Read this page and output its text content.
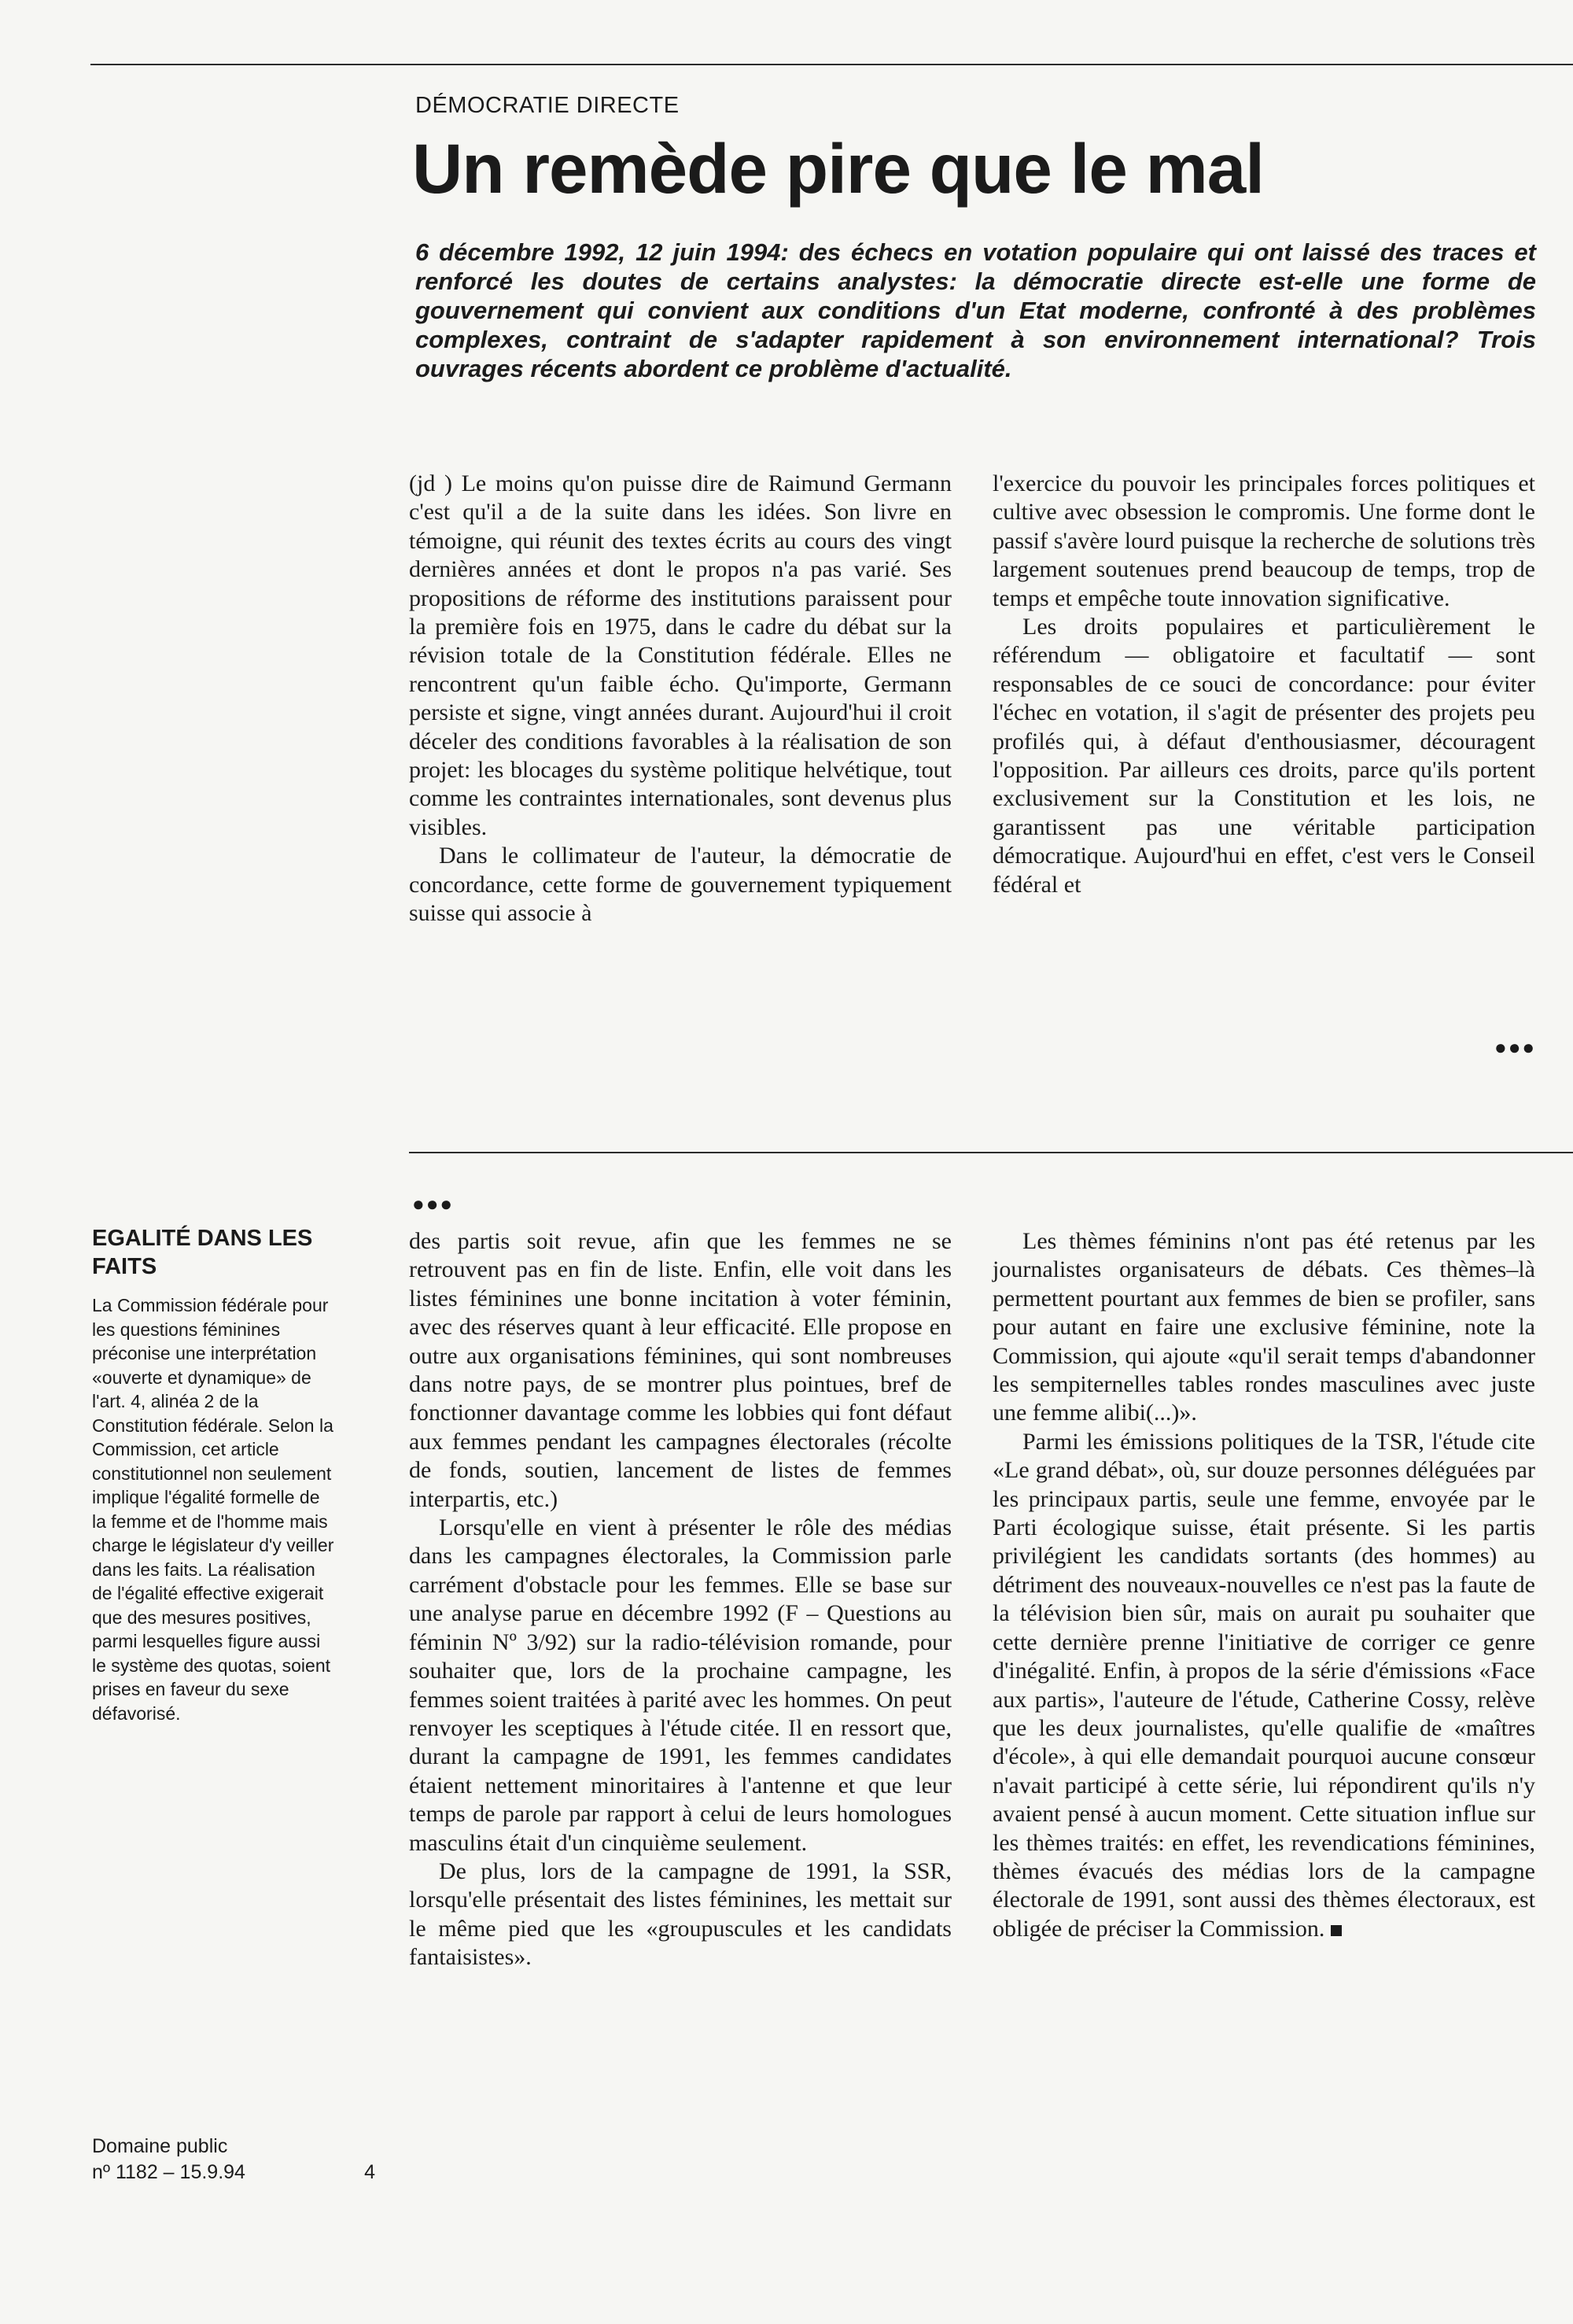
DÉMOCRATIE DIRECTE
Un remède pire que le mal

6 décembre 1992, 12 juin 1994: des échecs en votation populaire qui ont laissé des traces et renforcé les doutes de certains analystes: la démocratie directe est-elle une forme de gouvernement qui convient aux conditions d'un Etat moderne, confronté à des problèmes complexes, contraint de s'adapter rapidement à son environnement international? Trois ouvrages récents abordent ce problème d'actualité.

(jd ) Le moins qu'on puisse dire de Raimund Germann c'est qu'il a de la suite dans les idées. Son livre en témoigne, qui réunit des textes écrits au cours des vingt dernières années et dont le propos n'a pas varié. Ses propositions de réforme des institutions paraissent pour la première fois en 1975, dans le cadre du débat sur la révision totale de la Constitution fédérale. Elles ne rencontrent qu'un faible écho. Qu'importe, Germann persiste et signe, vingt années durant. Aujourd'hui il croit déceler des conditions favorables à la réalisation de son projet: les blocages du système politique helvétique, tout comme les contraintes internationales, sont devenus plus visibles.

Dans le collimateur de l'auteur, la démocratie de concordance, cette forme de gouvernement typiquement suisse qui associe à

l'exercice du pouvoir les principales forces politiques et cultive avec obsession le compromis. Une forme dont le passif s'avère lourd puisque la recherche de solutions très largement soutenues prend beaucoup de temps, trop de temps et empêche toute innovation significative.

Les droits populaires et particulièrement le référendum — obligatoire et facultatif — sont responsables de ce souci de concordance: pour éviter l'échec en votation, il s'agit de présenter des projets peu profilés qui, à défaut d'enthousiasmer, découragent l'opposition. Par ailleurs ces droits, parce qu'ils portent exclusivement sur la Constitution et les lois, ne garantissent pas une véritable participation démocratique. Aujourd'hui en effet, c'est vers le Conseil fédéral et

●●●
EGALITÉ DANS LES FAITS

La Commission fédérale pour les questions féminines préconise une interprétation «ouverte et dynamique» de l'art. 4, alinéa 2 de la Constitution fédérale. Selon la Commission, cet article constitutionnel non seulement implique l'égalité formelle de la femme et de l'homme mais charge le législateur d'y veiller dans les faits. La réalisation de l'égalité effective exigerait que des mesures positives, parmi lesquelles figure aussi le système des quotas, soient prises en faveur du sexe défavorisé.

●●●

des partis soit revue, afin que les femmes ne se retrouvent pas en fin de liste. Enfin, elle voit dans les listes féminines une bonne incitation à voter féminin, avec des réserves quant à leur efficacité. Elle propose en outre aux organisations féminines, qui sont nombreuses dans notre pays, de se montrer plus pointues, bref de fonctionner davantage comme les lobbies qui font défaut aux femmes pendant les campagnes électorales (récolte de fonds, soutien, lancement de listes de femmes interpartis, etc.)

Lorsqu'elle en vient à présenter le rôle des médias dans les campagnes électorales, la Commission parle carrément d'obstacle pour les femmes. Elle se base sur une analyse parue en décembre 1992 (F – Questions au féminin Nº 3/92) sur la radio-télévision romande, pour souhaiter que, lors de la prochaine campagne, les femmes soient traitées à parité avec les hommes. On peut renvoyer les sceptiques à l'étude citée. Il en ressort que, durant la campagne de 1991, les femmes candidates étaient nettement minoritaires à l'antenne et que leur temps de parole par rapport à celui de leurs homologues masculins était d'un cinquième seulement.

De plus, lors de la campagne de 1991, la SSR, lorsqu'elle présentait des listes féminines, les mettait sur le même pied que les «groupuscules et les candidats fantaisistes».

Les thèmes féminins n'ont pas été retenus par les journalistes organisateurs de débats. Ces thèmes–là permettent pourtant aux femmes de bien se profiler, sans pour autant en faire une exclusive féminine, note la Commission, qui ajoute «qu'il serait temps d'abandonner les sempiternelles tables rondes masculines avec juste une femme alibi(...)».

Parmi les émissions politiques de la TSR, l'étude cite «Le grand débat», où, sur douze personnes déléguées par les principaux partis, seule une femme, envoyée par le Parti écologique suisse, était présente. Si les partis privilégient les candidats sortants (des hommes) au détriment des nouveaux-nouvelles ce n'est pas la faute de la télévision bien sûr, mais on aurait pu souhaiter que cette dernière prenne l'initiative de corriger ce genre d'inégalité. Enfin, à propos de la série d'émissions «Face aux partis», l'auteure de l'étude, Catherine Cossy, relève que les deux journalistes, qu'elle qualifie de «maîtres d'école», à qui elle demandait pourquoi aucune consœur n'avait participé à cette série, lui répondirent qu'ils n'y avaient pensé à aucun moment. Cette situation influe sur les thèmes traités: en effet, les revendications féminines, thèmes évacués des médias lors de la campagne électorale de 1991, sont aussi des thèmes électoraux, est obligée de préciser la Commission.

Domaine public
nº 1182 – 15.9.94	4
